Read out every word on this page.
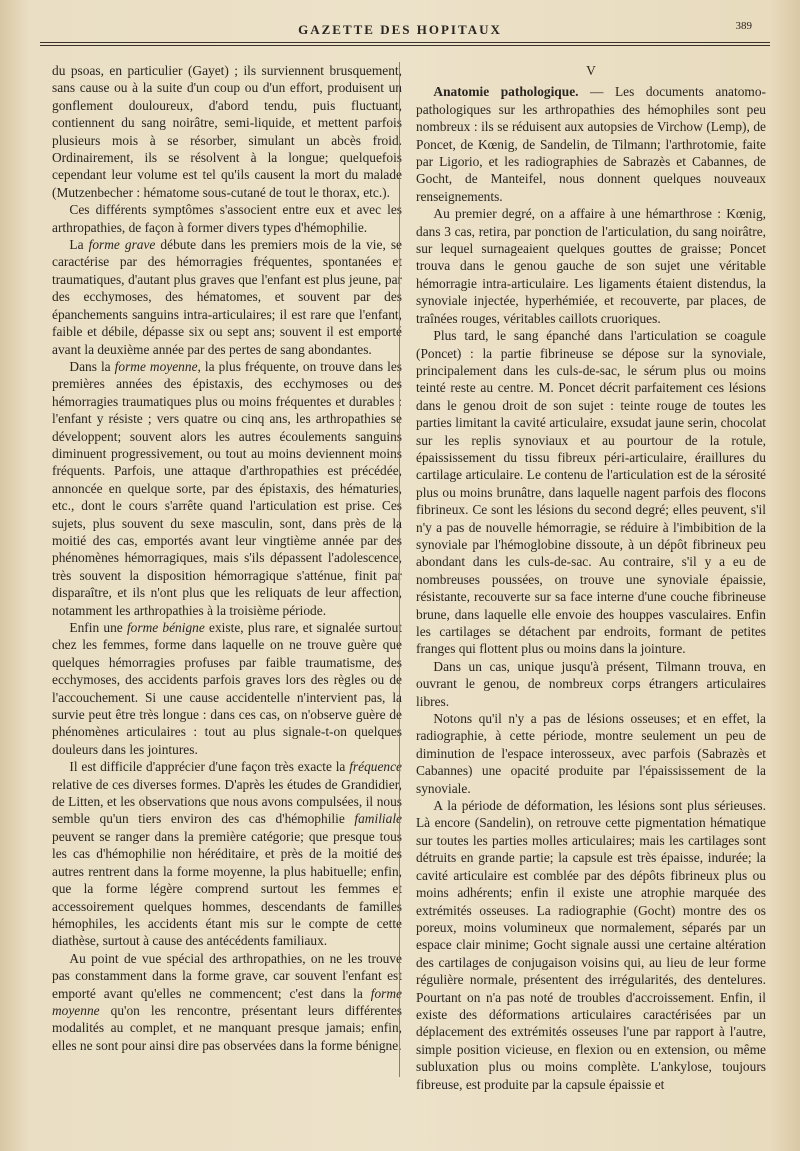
GAZETTE DES HOPITAUX	389

du psoas, en particulier (Gayet) ; ils surviennent brusquement, sans cause ou à la suite d'un coup ou d'un effort, produisent un gonflement douloureux, d'abord tendu, puis fluctuant, contiennent du sang noirâtre, semi-liquide, et mettent parfois plusieurs mois à se résorber, simulant un abcès froid. Ordinairement, ils se résolvent à la longue; quelquefois cependant leur volume est tel qu'ils causent la mort du malade (Mutzenbecher : hématome sous-cutané de tout le thorax, etc.).

Ces différents symptômes s'associent entre eux et avec les arthropathies, de façon à former divers types d'hémophilie.

La forme grave débute dans les premiers mois de la vie, se caractérise par des hémorragies fréquentes, spontanées et traumatiques, d'autant plus graves que l'enfant est plus jeune, par des ecchymoses, des hématomes, et souvent par des épanchements sanguins intra-articulaires; il est rare que l'enfant, faible et débile, dépasse six ou sept ans; souvent il est emporté avant la deuxième année par des pertes de sang abondantes.

Dans la forme moyenne, la plus fréquente, on trouve dans les premières années des épistaxis, des ecchymoses ou des hémorragies traumatiques plus ou moins fréquentes et durables : l'enfant y résiste ; vers quatre ou cinq ans, les arthropathies se développent; souvent alors les autres écoulements sanguins diminuent progressivement, ou tout au moins deviennent moins fréquents. Parfois, une attaque d'arthropathies est précédée, annoncée en quelque sorte, par des épistaxis, des hématuries, etc., dont le cours s'arrête quand l'articulation est prise. Ces sujets, plus souvent du sexe masculin, sont, dans près de la moitié des cas, emportés avant leur vingtième année par des phénomènes hémorragiques, mais s'ils dépassent l'adolescence, très souvent la disposition hémorragique s'atténue, finit par disparaître, et ils n'ont plus que les reliquats de leur affection, notamment les arthropathies à la troisième période.

Enfin une forme bénigne existe, plus rare, et signalée surtout chez les femmes, forme dans laquelle on ne trouve guère que quelques hémorragies profuses par faible traumatisme, des ecchymoses, des accidents parfois graves lors des règles ou de l'accouchement. Si une cause accidentelle n'intervient pas, la survie peut être très longue : dans ces cas, on n'observe guère de phénomènes articulaires : tout au plus signale-t-on quelques douleurs dans les jointures.

Il est difficile d'apprécier d'une façon très exacte la fréquence relative de ces diverses formes. D'après les études de Grandidier, de Litten, et les observations que nous avons compulsées, il nous semble qu'un tiers environ des cas d'hémophilie familiale peuvent se ranger dans la première catégorie; que presque tous les cas d'hémophilie non héréditaire, et près de la moitié des autres rentrent dans la forme moyenne, la plus habituelle; enfin, que la forme légère comprend surtout les femmes et accessoirement quelques hommes, descendants de familles hémophiles, les accidents étant mis sur le compte de cette diathèse, surtout à cause des antécédents familiaux.

Au point de vue spécial des arthropathies, on ne les trouve pas constamment dans la forme grave, car souvent l'enfant est emporté avant qu'elles ne commencent; c'est dans la forme moyenne qu'on les rencontre, présentant leurs différentes modalités au complet, et ne manquant presque jamais; enfin, elles ne sont pour ainsi dire pas observées dans la forme bénigne.

V

Anatomie pathologique. — Les documents anatomo-pathologiques sur les arthropathies des hémophiles sont peu nombreux : ils se réduisent aux autopsies de Virchow (Lemp), de Poncet, de Kœnig, de Sandelin, de Tilmann; l'arthrotomie, faite par Ligorio, et les radiographies de Sabrazès et Cabannes, de Gocht, de Manteifel, nous donnent quelques nouveaux renseignements.

Au premier degré, on a affaire à une hémarthrose : Kœnig, dans 3 cas, retira, par ponction de l'articulation, du sang noirâtre, sur lequel surnageaient quelques gouttes de graisse; Poncet trouva dans le genou gauche de son sujet une véritable hémorragie intra-articulaire. Les ligaments étaient distendus, la synoviale injectée, hyperhémiée, et recouverte, par places, de traînées rouges, véritables caillots cruoriques.

Plus tard, le sang épanché dans l'articulation se coagule (Poncet) : la partie fibrineuse se dépose sur la synoviale, principalement dans les culs-de-sac, le sérum plus ou moins teinté reste au centre. M. Poncet décrit parfaitement ces lésions dans le genou droit de son sujet : teinte rouge de toutes les parties limitant la cavité articulaire, exsudat jaune serin, chocolat sur les replis synoviaux et au pourtour de la rotule, épaississement du tissu fibreux péri-articulaire, éraillures du cartilage articulaire. Le contenu de l'articulation est de la sérosité plus ou moins brunâtre, dans laquelle nagent parfois des flocons fibrineux. Ce sont les lésions du second degré; elles peuvent, s'il n'y a pas de nouvelle hémorragie, se réduire à l'imbibition de la synoviale par l'hémoglobine dissoute, à un dépôt fibrineux peu abondant dans les culs-de-sac. Au contraire, s'il y a eu de nombreuses poussées, on trouve une synoviale épaissie, résistante, recouverte sur sa face interne d'une couche fibrineuse brune, dans laquelle elle envoie des houppes vasculaires. Enfin les cartilages se détachent par endroits, formant de petites franges qui flottent plus ou moins dans la jointure.

Dans un cas, unique jusqu'à présent, Tilmann trouva, en ouvrant le genou, de nombreux corps étrangers articulaires libres.

Notons qu'il n'y a pas de lésions osseuses; et en effet, la radiographie, à cette période, montre seulement un peu de diminution de l'espace interosseux, avec parfois (Sabrazès et Cabannes) une opacité produite par l'épaississement de la synoviale.

A la période de déformation, les lésions sont plus sérieuses. Là encore (Sandelin), on retrouve cette pigmentation hématique sur toutes les parties molles articulaires; mais les cartilages sont détruits en grande partie; la capsule est très épaisse, indurée; la cavité articulaire est comblée par des dépôts fibrineux plus ou moins adhérents; enfin il existe une atrophie marquée des extrémités osseuses. La radiographie (Gocht) montre des os poreux, moins volumineux que normalement, séparés par un espace clair minime; Gocht signale aussi une certaine altération des cartilages de conjugaison voisins qui, au lieu de leur forme régulière normale, présentent des irrégularités, des dentelures. Pourtant on n'a pas noté de troubles d'accroissement. Enfin, il existe des déformations articulaires caractérisées par un déplacement des extrémités osseuses l'une par rapport à l'autre, simple position vicieuse, en flexion ou en extension, ou même subluxation plus ou moins complète. L'ankylose, toujours fibreuse, est produite par la capsule épaissie et
